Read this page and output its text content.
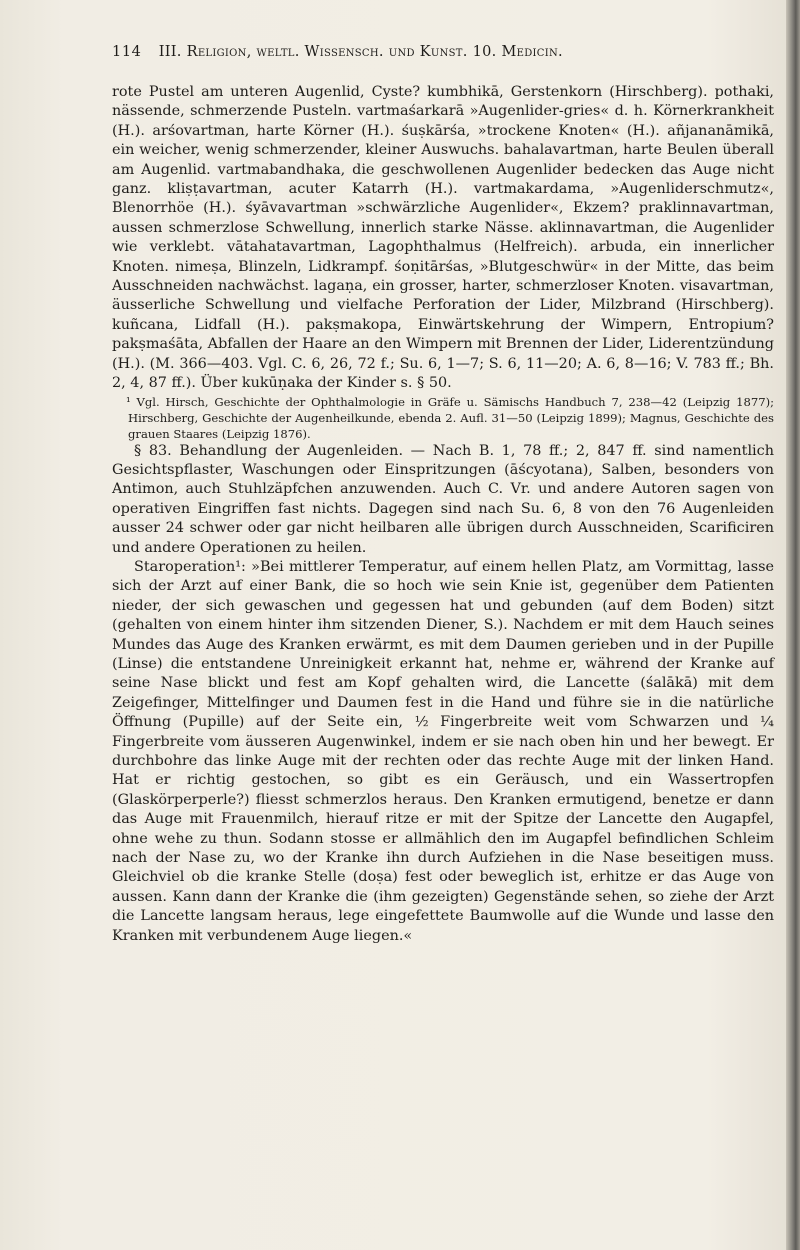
114 III. Religion, weltl. Wissensch. und Kunst. 10. Medicin.

rote Pustel am unteren Augenlid, Cyste? kumbhikā, Gerstenkorn (Hirschberg). pothaki, nässende, schmerzende Pusteln. vartmaśarkarā »Augenlider-gries« d. h. Körnerkrankheit (H.). arśovartman, harte Körner (H.). śuṣkārśa, »trockene Knoten« (H.). añjananāmikā, ein weicher, wenig schmerzender, kleiner Auswuchs. bahalavartman, harte Beulen überall am Augenlid. vartmabandhaka, die geschwollenen Augenlider bedecken das Auge nicht ganz. kliṣṭavartman, acuter Katarrh (H.). vartmakardama, »Augenliderschmutz«, Blenorrhöe (H.). śyāvavartman »schwärzliche Augenlider«, Ekzem? praklinnavartman, aussen schmerzlose Schwellung, innerlich starke Nässe. aklinnavartman, die Augenlider wie verklebt. vātahatavartman, Lagophthalmus (Helfreich). arbuda, ein innerlicher Knoten. nimeṣa, Blinzeln, Lidkrampf. śoṇitārśas, »Blutgeschwür« in der Mitte, das beim Ausschneiden nachwächst. lagaṇa, ein grosser, harter, schmerzloser Knoten. visavartman, äusserliche Schwellung und vielfache Perforation der Lider, Milzbrand (Hirschberg). kuñcana, Lidfall (H.). pakṣmakopa, Einwärtskehrung der Wimpern, Entropium? pakṣmaśāta, Abfallen der Haare an den Wimpern mit Brennen der Lider, Liderentzündung (H.). (M. 366—403. Vgl. C. 6, 26, 72 f.; Su. 6, 1—7; S. 6, 11—20; A. 6, 8—16; V. 783 ff.; Bh. 2, 4, 87 ff.). Über kukūṇaka der Kinder s. § 50.

¹ Vgl. Hirsch, Geschichte der Ophthalmologie in Gräfe u. Sämischs Handbuch 7, 238—42 (Leipzig 1877); Hirschberg, Geschichte der Augenheilkunde, ebenda 2. Aufl. 31—50 (Leipzig 1899); Magnus, Geschichte des grauen Staares (Leipzig 1876).

§ 83. Behandlung der Augenleiden. — Nach B. 1, 78 ff.; 2, 847 ff. sind namentlich Gesichtspflaster, Waschungen oder Einspritzungen (āścyotana), Salben, besonders von Antimon, auch Stuhlzäpfchen anzuwenden. Auch C. Vr. und andere Autoren sagen von operativen Eingriffen fast nichts. Dagegen sind nach Su. 6, 8 von den 76 Augenleiden ausser 24 schwer oder gar nicht heilbaren alle übrigen durch Ausschneiden, Scarificiren und andere Operationen zu heilen.

Staroperation¹: »Bei mittlerer Temperatur, auf einem hellen Platz, am Vormittag, lasse sich der Arzt auf einer Bank, die so hoch wie sein Knie ist, gegenüber dem Patienten nieder, der sich gewaschen und gegessen hat und gebunden (auf dem Boden) sitzt (gehalten von einem hinter ihm sitzenden Diener, S.). Nachdem er mit dem Hauch seines Mundes das Auge des Kranken erwärmt, es mit dem Daumen gerieben und in der Pupille (Linse) die entstandene Unreinigkeit erkannt hat, nehme er, während der Kranke auf seine Nase blickt und fest am Kopf gehalten wird, die Lancette (śalākā) mit dem Zeigefinger, Mittelfinger und Daumen fest in die Hand und führe sie in die natürliche Öffnung (Pupille) auf der Seite ein, ½ Fingerbreite weit vom Schwarzen und ¼ Fingerbreite vom äusseren Augenwinkel, indem er sie nach oben hin und her bewegt. Er durchbohre das linke Auge mit der rechten oder das rechte Auge mit der linken Hand. Hat er richtig gestochen, so gibt es ein Geräusch, und ein Wassertropfen (Glaskörperperle?) fliesst schmerzlos heraus. Den Kranken ermutigend, benetze er dann das Auge mit Frauenmilch, hierauf ritze er mit der Spitze der Lancette den Augapfel, ohne wehe zu thun. Sodann stosse er allmählich den im Augapfel befindlichen Schleim nach der Nase zu, wo der Kranke ihn durch Aufziehen in die Nase beseitigen muss. Gleichviel ob die kranke Stelle (doṣa) fest oder beweglich ist, erhitze er das Auge von aussen. Kann dann der Kranke die (ihm gezeigten) Gegenstände sehen, so ziehe der Arzt die Lancette langsam heraus, lege eingefettete Baumwolle auf die Wunde und lasse den Kranken mit verbundenem Auge liegen.«
